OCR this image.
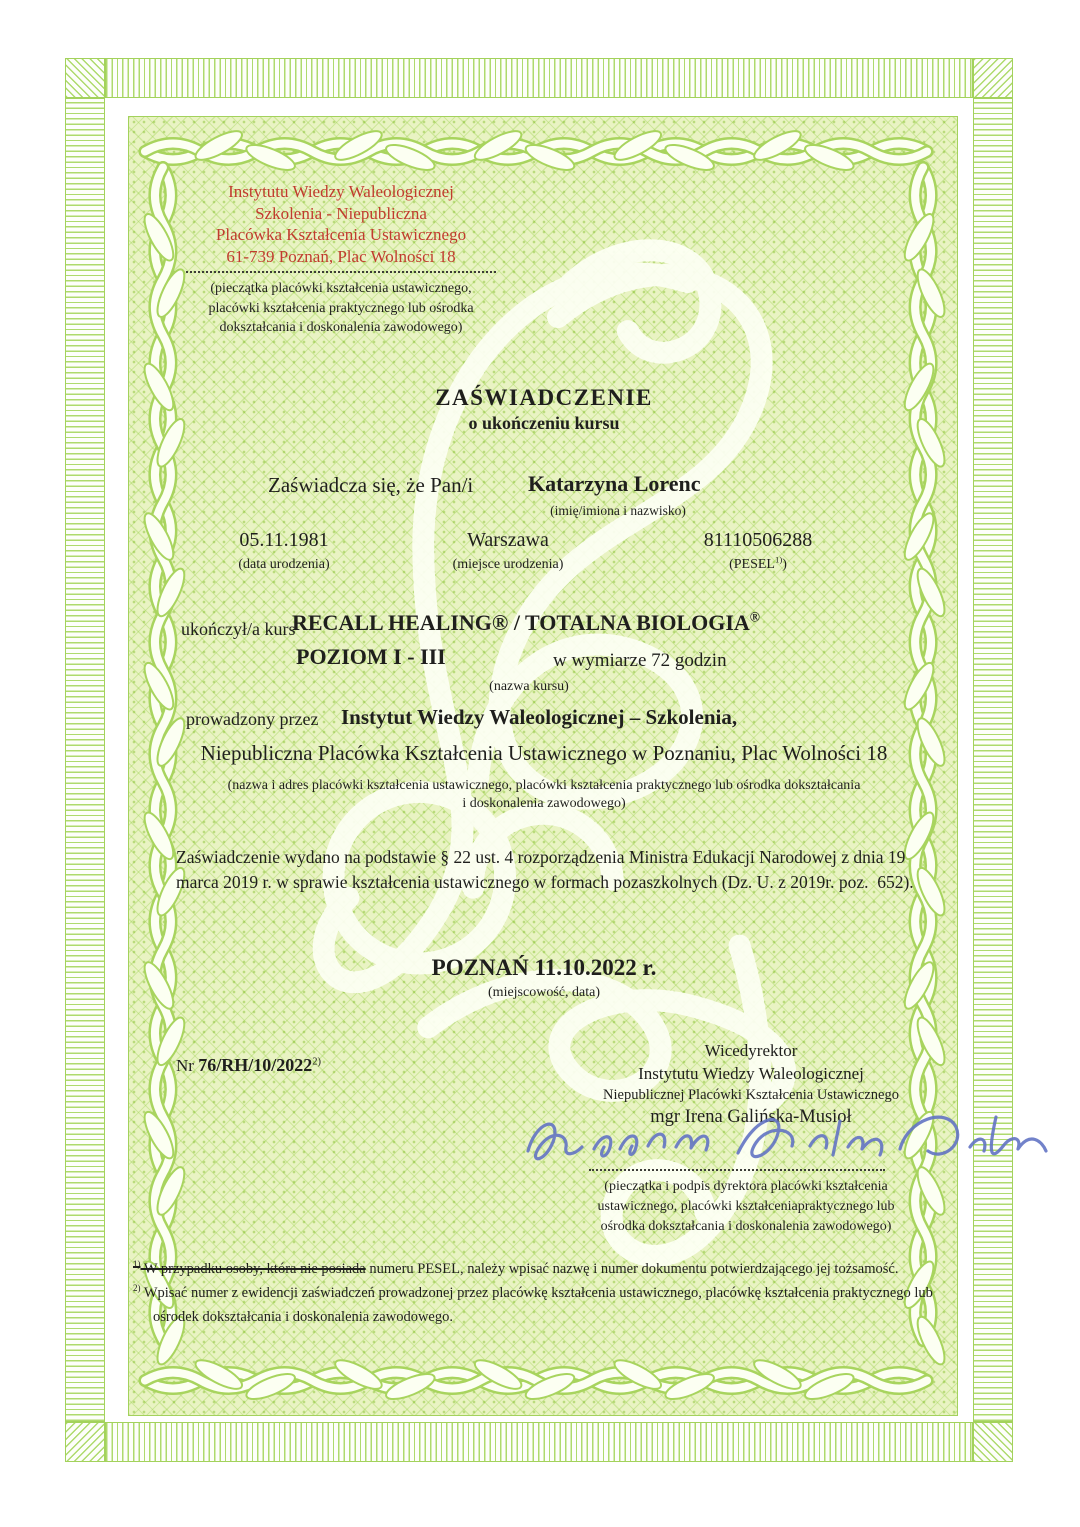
Instytutu Wiedzy Waleologicznej
Szkolenia - Niepubliczna
Placówka Kształcenia Ustawicznego
61-739 Poznań, Plac Wolności 18
(pieczątka placówki kształcenia ustawicznego,
placówki kształcenia praktycznego lub ośrodka
dokształcania i doskonalenia zawodowego)
ZAŚWIADCZENIE
o ukończeniu kursu
Zaświadcza się, że Pan/i Katarzyna Lorenc
(imię/imiona i nazwisko)
05.11.1981
(data urodzenia)
Warszawa
(miejsce urodzenia)
81110506288
(PESEL$^{1)}$)
ukończył/a kurs
RECALL HEALING® / TOTALNA BIOLOGIA®
POZIOM I - III	w wymiarze 72 godzin
(nazwa kursu)
prowadzony przez Instytut Wiedzy Waleologicznej – Szkolenia,
Niepubliczna Placówka Kształcenia Ustawicznego w Poznaniu, Plac Wolności 18
(nazwa i adres placówki kształcenia ustawicznego, placówki kształcenia praktycznego lub ośrodka dokształcania
i doskonalenia zawodowego)
Zaświadczenie wydano na podstawie § 22 ust. 4 rozporządzenia Ministra Edukacji Narodowej z dnia 19 marca 2019 r. w sprawie kształcenia ustawicznego w formach pozaszkolnych (Dz. U. z 2019r. poz.  652).
POZNAŃ 11.10.2022 r.
(miejscowość, data)
Nr 76/RH/10/2022$^{2)}$
Wicedyrektor
Instytutu Wiedzy Waleologicznej
Niepublicznej Placówki Kształcenia Ustawicznego
mgr Irena Galińska-Musioł
(pieczątka i podpis dyrektora placówki kształcenia
ustawicznego, placówki kształceniapraktycznego lub
ośrodka dokształcania i doskonalenia zawodowego)
$^{1)}$ W przypadku osoby, która nie posiada numeru PESEL, należy wpisać nazwę i numer dokumentu potwierdzającego jej tożsamość.
$^{2)}$ Wpisać numer z ewidencji zaświadczeń prowadzonej przez placówkę kształcenia ustawicznego, placówkę kształcenia praktycznego lub ośrodek dokształcania i doskonalenia zawodowego.
